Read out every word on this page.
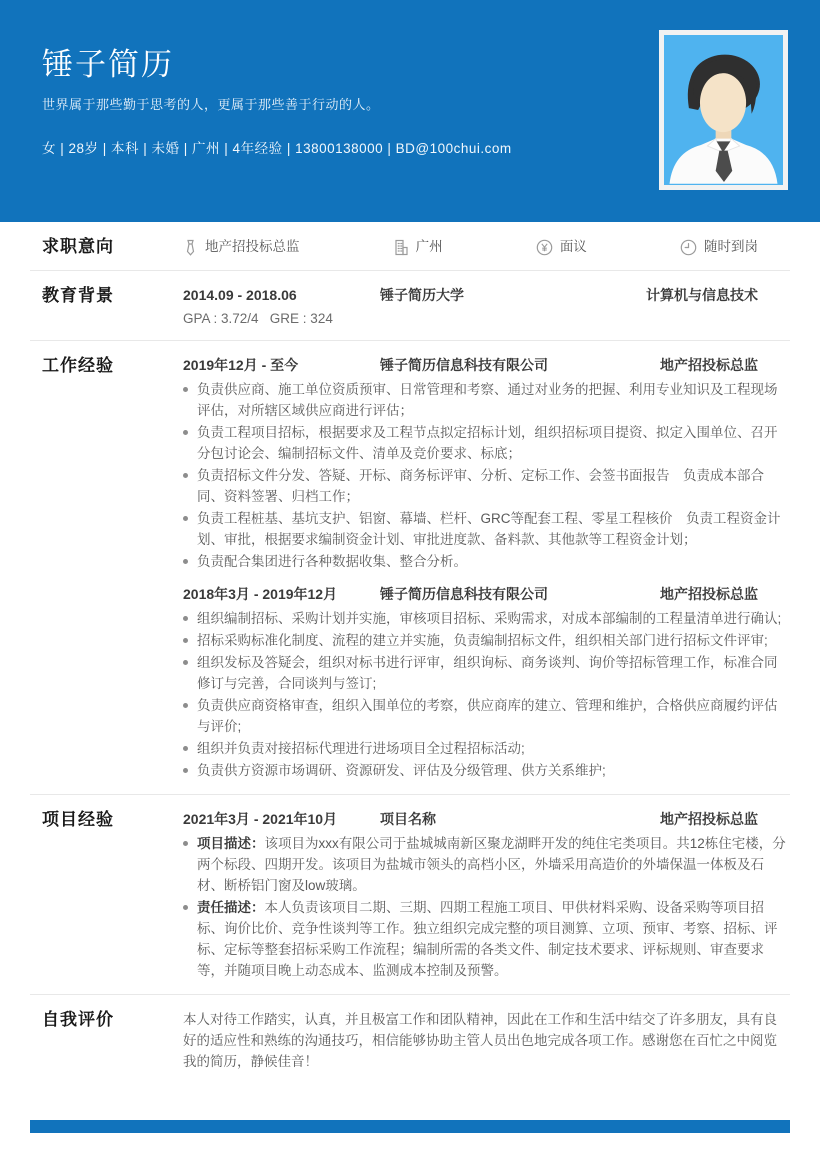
锤子简历
世界属于那些勤于思考的人，更属于那些善于行动的人。
女 | 28岁 | 本科 | 未婚 | 广州 | 4年经验 | 13800138000 | BD@100chui.com
求职意向	地产招投标总监	广州	面议	随时到岗
教育背景	2014.09 - 2018.06	锤子简历大学	计算机与信息技术
GPA : 3.72/4   GRE : 324
工作经验	2019年12月 - 至今	锤子简历信息科技有限公司	地产招投标总监
负责供应商、施工单位资质预审、日常管理和考察、通过对业务的把握、利用专业知识及工程现场评估，对所辖区域供应商进行评估；
负责工程项目招标，根据要求及工程节点拟定招标计划，组织招标项目提资、拟定入围单位、召开分包讨论会、编制招标文件、清单及竞价要求、标底；
负责招标文件分发、答疑、开标、商务标评审、分析、定标工作、会签书面报告　负责成本部合同、资料签署、归档工作；
负责工程桩基、基坑支护、铝窗、幕墙、栏杆、GRC等配套工程、零星工程核价　负责工程资金计划、审批，根据要求编制资金计划、审批进度款、备料款、其他款等工程资金计划；
负责配合集团进行各种数据收集、整合分析。
2018年3月 - 2019年12月	锤子简历信息科技有限公司	地产招投标总监
组织编制招标、采购计划并实施，审核项目招标、采购需求，对成本部编制的工程量清单进行确认;
招标采购标准化制度、流程的建立并实施，负责编制招标文件，组织相关部门进行招标文件评审;
组织发标及答疑会，组织对标书进行评审，组织询标、商务谈判、询价等招标管理工作，标准合同修订与完善，合同谈判与签订;
负责供应商资格审查，组织入围单位的考察，供应商库的建立、管理和维护，合格供应商履约评估与评价;
组织并负责对接招标代理进行进场项目全过程招标活动;
负责供方资源市场调研、资源研发、评估及分级管理、供方关系维护;
项目经验	2021年3月 - 2021年10月	项目名称	地产招投标总监
项目描述：该项目为xxx有限公司于盐城城南新区聚龙湖畔开发的纯住宅类项目。共12栋住宅楼，分两个标段、四期开发。该项目为盐城市领头的高档小区，外墙采用高造价的外墙保温一体板及石材、断桥铝门窗及low玻璃。
责任描述：本人负责该项目二期、三期、四期工程施工项目、甲供材料采购、设备采购等项目招标、询价比价、竞争性谈判等工作。独立组织完成完整的项目测算、立项、预审、考察、招标、评标、定标等整套招标采购工作流程；编制所需的各类文件、制定技术要求、评标规则、审查要求等，并随项目晚上动态成本、监测成本控制及预警。
自我评价	本人对待工作踏实，认真，并且极富工作和团队精神，因此在工作和生活中结交了许多朋友，具有良好的适应性和熟练的沟通技巧，相信能够协助主管人员出色地完成各项工作。感谢您在百忙之中阅览我的简历，静候佳音！
